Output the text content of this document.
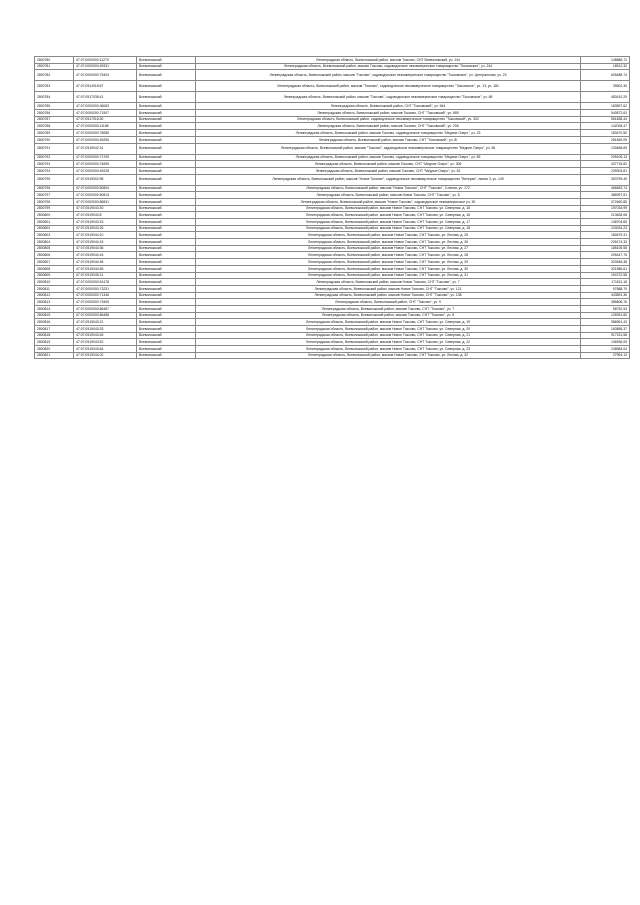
2800780	47:07:0000000:11270	Всеволожский	Ленинградская область, Всеволожский район, массив Токсово, СНТ Всеволожский, уч. 144	148886,72
2800781	47:07:0000000:49331	Всеволожский	Ленинградская область, Всеволожский район, массив Токсово, садоводческое некоммерческое товарищество "Токсовское", уч. 244	18512,32
2800782	47:07:0000000:75403	Всеволожский	Ленинградская область, Всеволожский район, массив "Токсово", садоводческое некоммерческое товарищество "Токсовское", уч. Центральная, уч. 23	625488,74
2800783	47:07:0514018:67	Всеволожский	Ленинградская область, Всеволожский район, массив "Токсово", садоводческое некоммерческое товарищество "Токсовское", уч. 13, уч. 181	39502,30
2800784	47:07:0517038:41	Всеволожский	Ленинградская область, Всеволожский район, массив "Токсово", садоводческое некоммерческое товарищество "Токсовское", уч. 68	483410,29
2800785	47:07:0000000:36063	Всеволожский	Ленинградская область, Всеволожский район, СНТ "Токсовский", уч. 644	183597,62
2800786	47:07:0000000:71907	Всеволожский	Ленинградская область, Всеволожский район, массив Токсово, СНТ "Токсовский", уч. 895	540872,63
2800787	47:07:0517018:30	Всеволожский	Ленинградская область, Всеволожский район, садоводческое некоммерческое товарищество "Токсовский", уч. 302	551838,44
2800788	47:07:0000000:11188	Всеволожский	Ленинградская область, Всеволожский район, массив Токсово, СНТ "Токсовский", уч. 206	142028,47
2800789	47:07:0000000:78085	Всеволожский	Ленинградская область, Всеволожский район, массив Токсово, садоводческое товарищество "Медное Озеро", уч. 23	183470,50
2800790	47:07:0000000:45255	Всеволожский	Ленинградская область, Всеволожский район, массив Токсово, СНТ "Токсовский", уч. 8/	251849,09
2800791	47:07:0519042:31	Всеволожский	Ленинградская область, Всеволожский район, массив "Токсово", садоводческое некоммерческое товарищество "Медное Озеро", уч. 36	133468,69
2800792	47:07:0000000:71709	Всеволожский	Ленинградская область, Всеволожский район, массив Токсово, садоводческое товарищество "Медное Озеро", уч. 69	205106,13
2800793	47:07:0000000:74695	Всеволожский	Ленинградская область, Всеволожский район, массив Токсово, СНТ "Медное Озеро", уч. 306	337718,82
2800794	47:07:0000000:49228	Всеволожский	Ленинградская область, Всеволожский район, массив Токсово, СНТ "Медное Озеро", уч. 52	239303,81
2800795	47:07:0519002:98	Всеволожский	Ленинградская область, Всеволожский район, массив "Новое Токсово", садоводческое некоммерческое товарищество "Ветеран", линия 3, уч. 149	303799,49
2800796	47:07:0000000:50804	Всеволожский	Ленинградская область, Всеволожский район, массив "Новое Токсово", СНТ "Токсово", 3 линия, уч. 172	466653,74
2800797	47:07:0000000:50813	Всеволожский	Ленинградская область, Всеволожский район, массив Новое Токсово, СНТ "Токсово", уч. 5	386997,51
2800798	47:07:0000000:86531	Всеволожский	Ленинградская область, Всеволожский район, массив "Новое Токсово", садоводческое некоммерческое уч. 30	372460,85
2800799	47:07:0519043:30	Всеволожский	Ленинградская область, Всеволожский район, массив Новое Токсово, СНТ Токсово, ул. Северная, д. 15	197034,99
2800800	47:07:0519043:8	Всеволожский	Ленинградская область, Всеволожский район, массив Новое Токсово, СНТ Токсово, ул. Северная, д. 16	213628,08
2800801	47:07:0519043:15	Всеволожский	Ленинградская область, Всеволожский район, массив Новое Токсово, СНТ Токсово, ул. Северная, д. 17	138704,65
2800802	47:07:0519043:26	Всеволожский	Ленинградская область, Всеволожский район, массив Новое Токсово, СНТ Токсово, ул. Северная, д. 18	243034,23
2800803	47:07:0519044:10	Всеволожский	Ленинградская область, Всеволожский район, массив Новое Токсово, СНТ Токсово, ул. Лесная, д. 25	180679,31
2800804	47:07:0519044:15	Всеволожский	Ленинградская область, Всеволожский район, массив Новое Токсово, СНТ Токсово, ул. Лесная, д. 26	226174,33
2800805	47:07:0519044:36	Всеволожский	Ленинградская область, Всеволожский район, массив Новое Токсово, СНТ Токсово, ул. Лесная, д. 27	185105,58
2800806	47:07:0519044:43	Всеволожский	Ленинградская область, Всеволожский район, массив Новое Токсово, СНТ Токсово, ул. Лесная, д. 28	205447,75
2800807	47:07:0519044:48	Всеволожский	Ленинградская область, Всеволожский район, массив Новое Токсово, СНТ Токсово, ул. Лесная, д. 29	320548,38
2800808	47:07:0519044:55	Всеволожский	Ленинградская область, Всеволожский район, массив Новое Токсово, СНТ Токсово, ул. Лесная, д. 30	321986,61
2800809	47:07:0519045:11	Всеволожский	Ленинградская область, Всеволожский район, массив Новое Токсово, СНТ Токсово, ул. Лесная, д. 31	194722,58
2800810	47:07:0000000:51478	Всеволожский	Ленинградская область, Всеволожский район, массив Новое Токсово, СНТ "Токсово", уч. 7	171151,18
2800811	47:07:0000000:73231	Всеволожский	Ленинградская область, Всеволожский район, массив Новое Токсово, СНТ "Токсово", уч. 121	97688,70
2800812	47:07:0000000:71346	Всеволожский	Ленинградская область, Всеволожский район, массив Новое Токсово, СНТ "Токсово", уч. 138	443891,36
2800813	47:07:0000000:73405	Всеволожский	Ленинградская область, Всеволожский район, СНТ "Токсово", уч. 9	385806,76
2800814	47:07:0000000:86487	Всеволожский	Ленинградская область, Всеволожский район, массив Токсово, СНТ "Токсово", уч. 7	58752,93
2800815	47:07:0000000:86488	Всеволожский	Ленинградская область, Всеволожский район, массив Токсово, СНТ "Токсово", уч. 8	125391,80
2800816	47:07:0519043:21	Всеволожский	Ленинградская область, Всеволожский район, массив Новое Токсово, СНТ Токсово, ул. Северная, д. 19	386961,43
2800817	47:07:0519043:33	Всеволожский	Ленинградская область, Всеволожский район, массив Новое Токсово, СНТ Токсово, ул. Северная, д. 20	163858,37
2800818	47:07:0519043:45	Всеволожский	Ленинградская область, Всеволожский район, массив Новое Токсово, СНТ Токсово, ул. Северная, д. 21	917151,58
2800819	47:07:0519043:52	Всеволожский	Ленинградская область, Всеволожский район, массив Новое Токсово, СНТ Токсово, ул. Северная, д. 22	136936,09
2800820	47:07:0519043:64	Всеволожский	Ленинградская область, Всеволожский район, массив Новое Токсово, СНТ Токсово, ул. Северная, д. 23	248983,04
2800821	47:07:0519044:02	Всеволожский	Ленинградская область, Всеволожский район, массив Новое Токсово, СНТ Токсово, ул. Лесная, д. 32	27994,13
